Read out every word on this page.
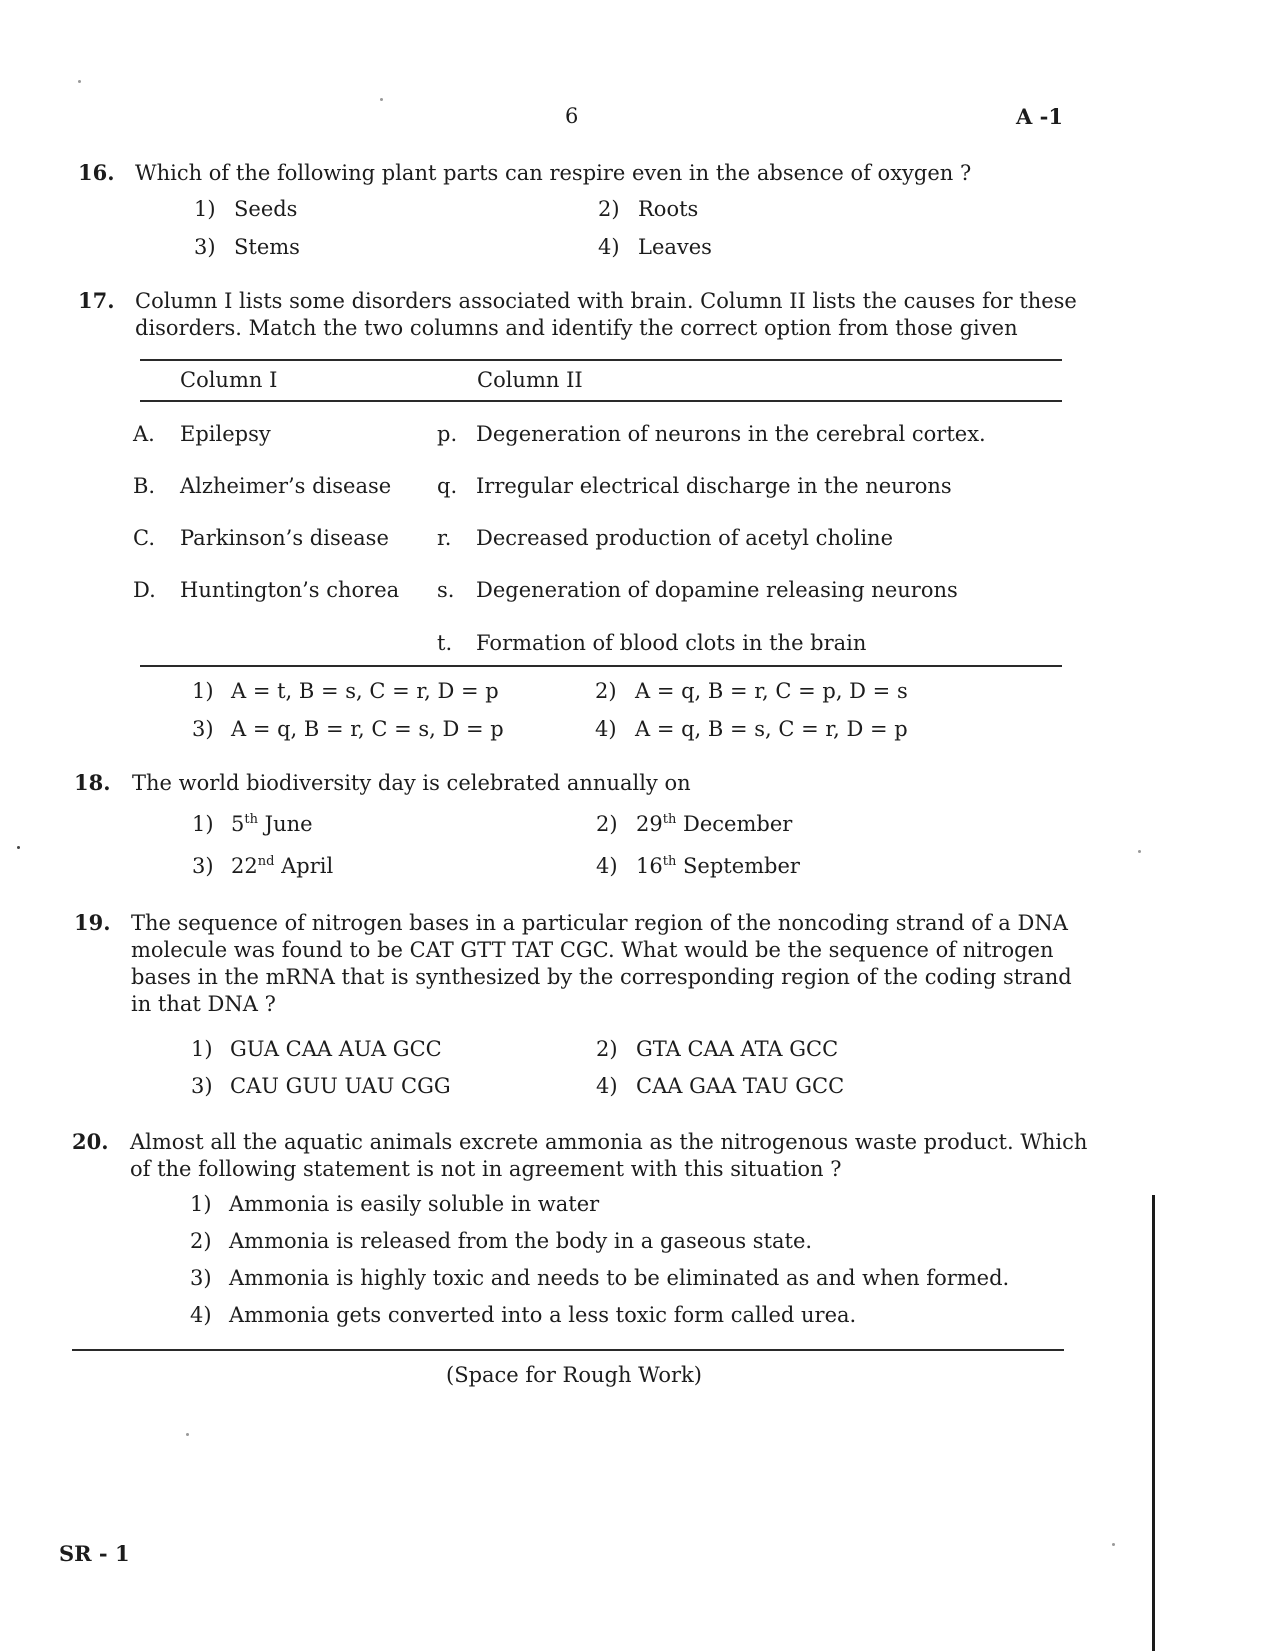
6	A -1
16. Which of the following plant parts can respire even in the absence of oxygen ?
1) Seeds	2) Roots
3) Stems	4) Leaves
17. Column I lists some disorders associated with brain. Column II lists the causes for these
disorders. Match the two columns and identify the correct option from those given
Column I	Column II
A. Epilepsy	p. Degeneration of neurons in the cerebral cortex.
B. Alzheimer’s disease q. Irregular electrical discharge in the neurons
C. Parkinson’s disease r. Decreased production of acetyl choline
D. Huntington’s chorea s. Degeneration of dopamine releasing neurons
t. Formation of blood clots in the brain
1) A = t, B = s, C = r, D = p	2) A = q, B = r, C = p, D = s
3) A = q, B = r, C = s, D = p	4) A = q, B = s, C = r, D = p
18. The world biodiversity day is celebrated annually on
1) 5th June	2) 29th December
3) 22nd April	4) 16th September
19. The sequence of nitrogen bases in a particular region of the noncoding strand of a DNA
molecule was found to be CAT GTT TAT CGC. What would be the sequence of nitrogen
bases in the mRNA that is synthesized by the corresponding region of the coding strand
in that DNA ?
1) GUA CAA AUA GCC	2) GTA CAA ATA GCC
3) CAU GUU UAU CGG	4) CAA GAA TAU GCC
20. Almost all the aquatic animals excrete ammonia as the nitrogenous waste product. Which
of the following statement is not in agreement with this situation ?
1) Ammonia is easily soluble in water
2) Ammonia is released from the body in a gaseous state.
3) Ammonia is highly toxic and needs to be eliminated as and when formed.
4) Ammonia gets converted into a less toxic form called urea.
(Space for Rough Work)
SR - 1
